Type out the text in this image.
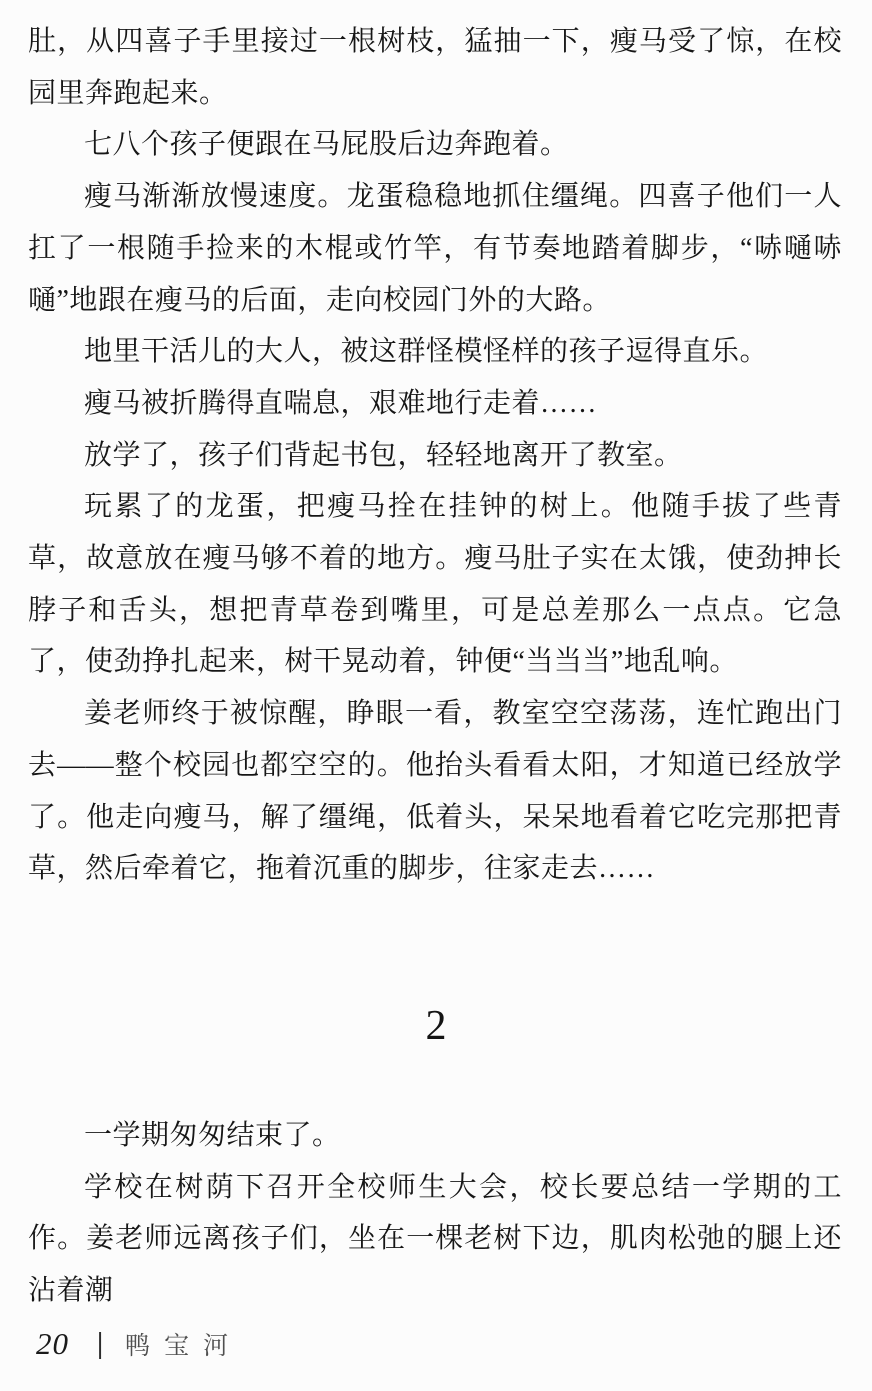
肚，从四喜子手里接过一根树枝，猛抽一下，瘦马受了惊，在校园里奔跑起来。

七八个孩子便跟在马屁股后边奔跑着。

瘦马渐渐放慢速度。龙蛋稳稳地抓住缰绳。四喜子他们一人扛了一根随手捡来的木棍或竹竿，有节奏地踏着脚步，“哧嗵哧嗵”地跟在瘦马的后面，走向校园门外的大路。

地里干活儿的大人，被这群怪模怪样的孩子逗得直乐。

瘦马被折腾得直喘息，艰难地行走着……

放学了，孩子们背起书包，轻轻地离开了教室。

玩累了的龙蛋，把瘦马拴在挂钟的树上。他随手拔了些青草，故意放在瘦马够不着的地方。瘦马肚子实在太饿，使劲抻长脖子和舌头，想把青草卷到嘴里，可是总差那么一点点。它急了，使劲挣扎起来，树干晃动着，钟便“当当当”地乱响。

姜老师终于被惊醒，睁眼一看，教室空空荡荡，连忙跑出门去——整个校园也都空空的。他抬头看看太阳，才知道已经放学了。他走向瘦马，解了缰绳，低着头，呆呆地看着它吃完那把青草，然后牵着它，拖着沉重的脚步，往家走去……

2

一学期匆匆结束了。

学校在树荫下召开全校师生大会，校长要总结一学期的工作。姜老师远离孩子们，坐在一棵老树下边，肌肉松弛的腿上还沾着潮

20 | 鸭宝河
